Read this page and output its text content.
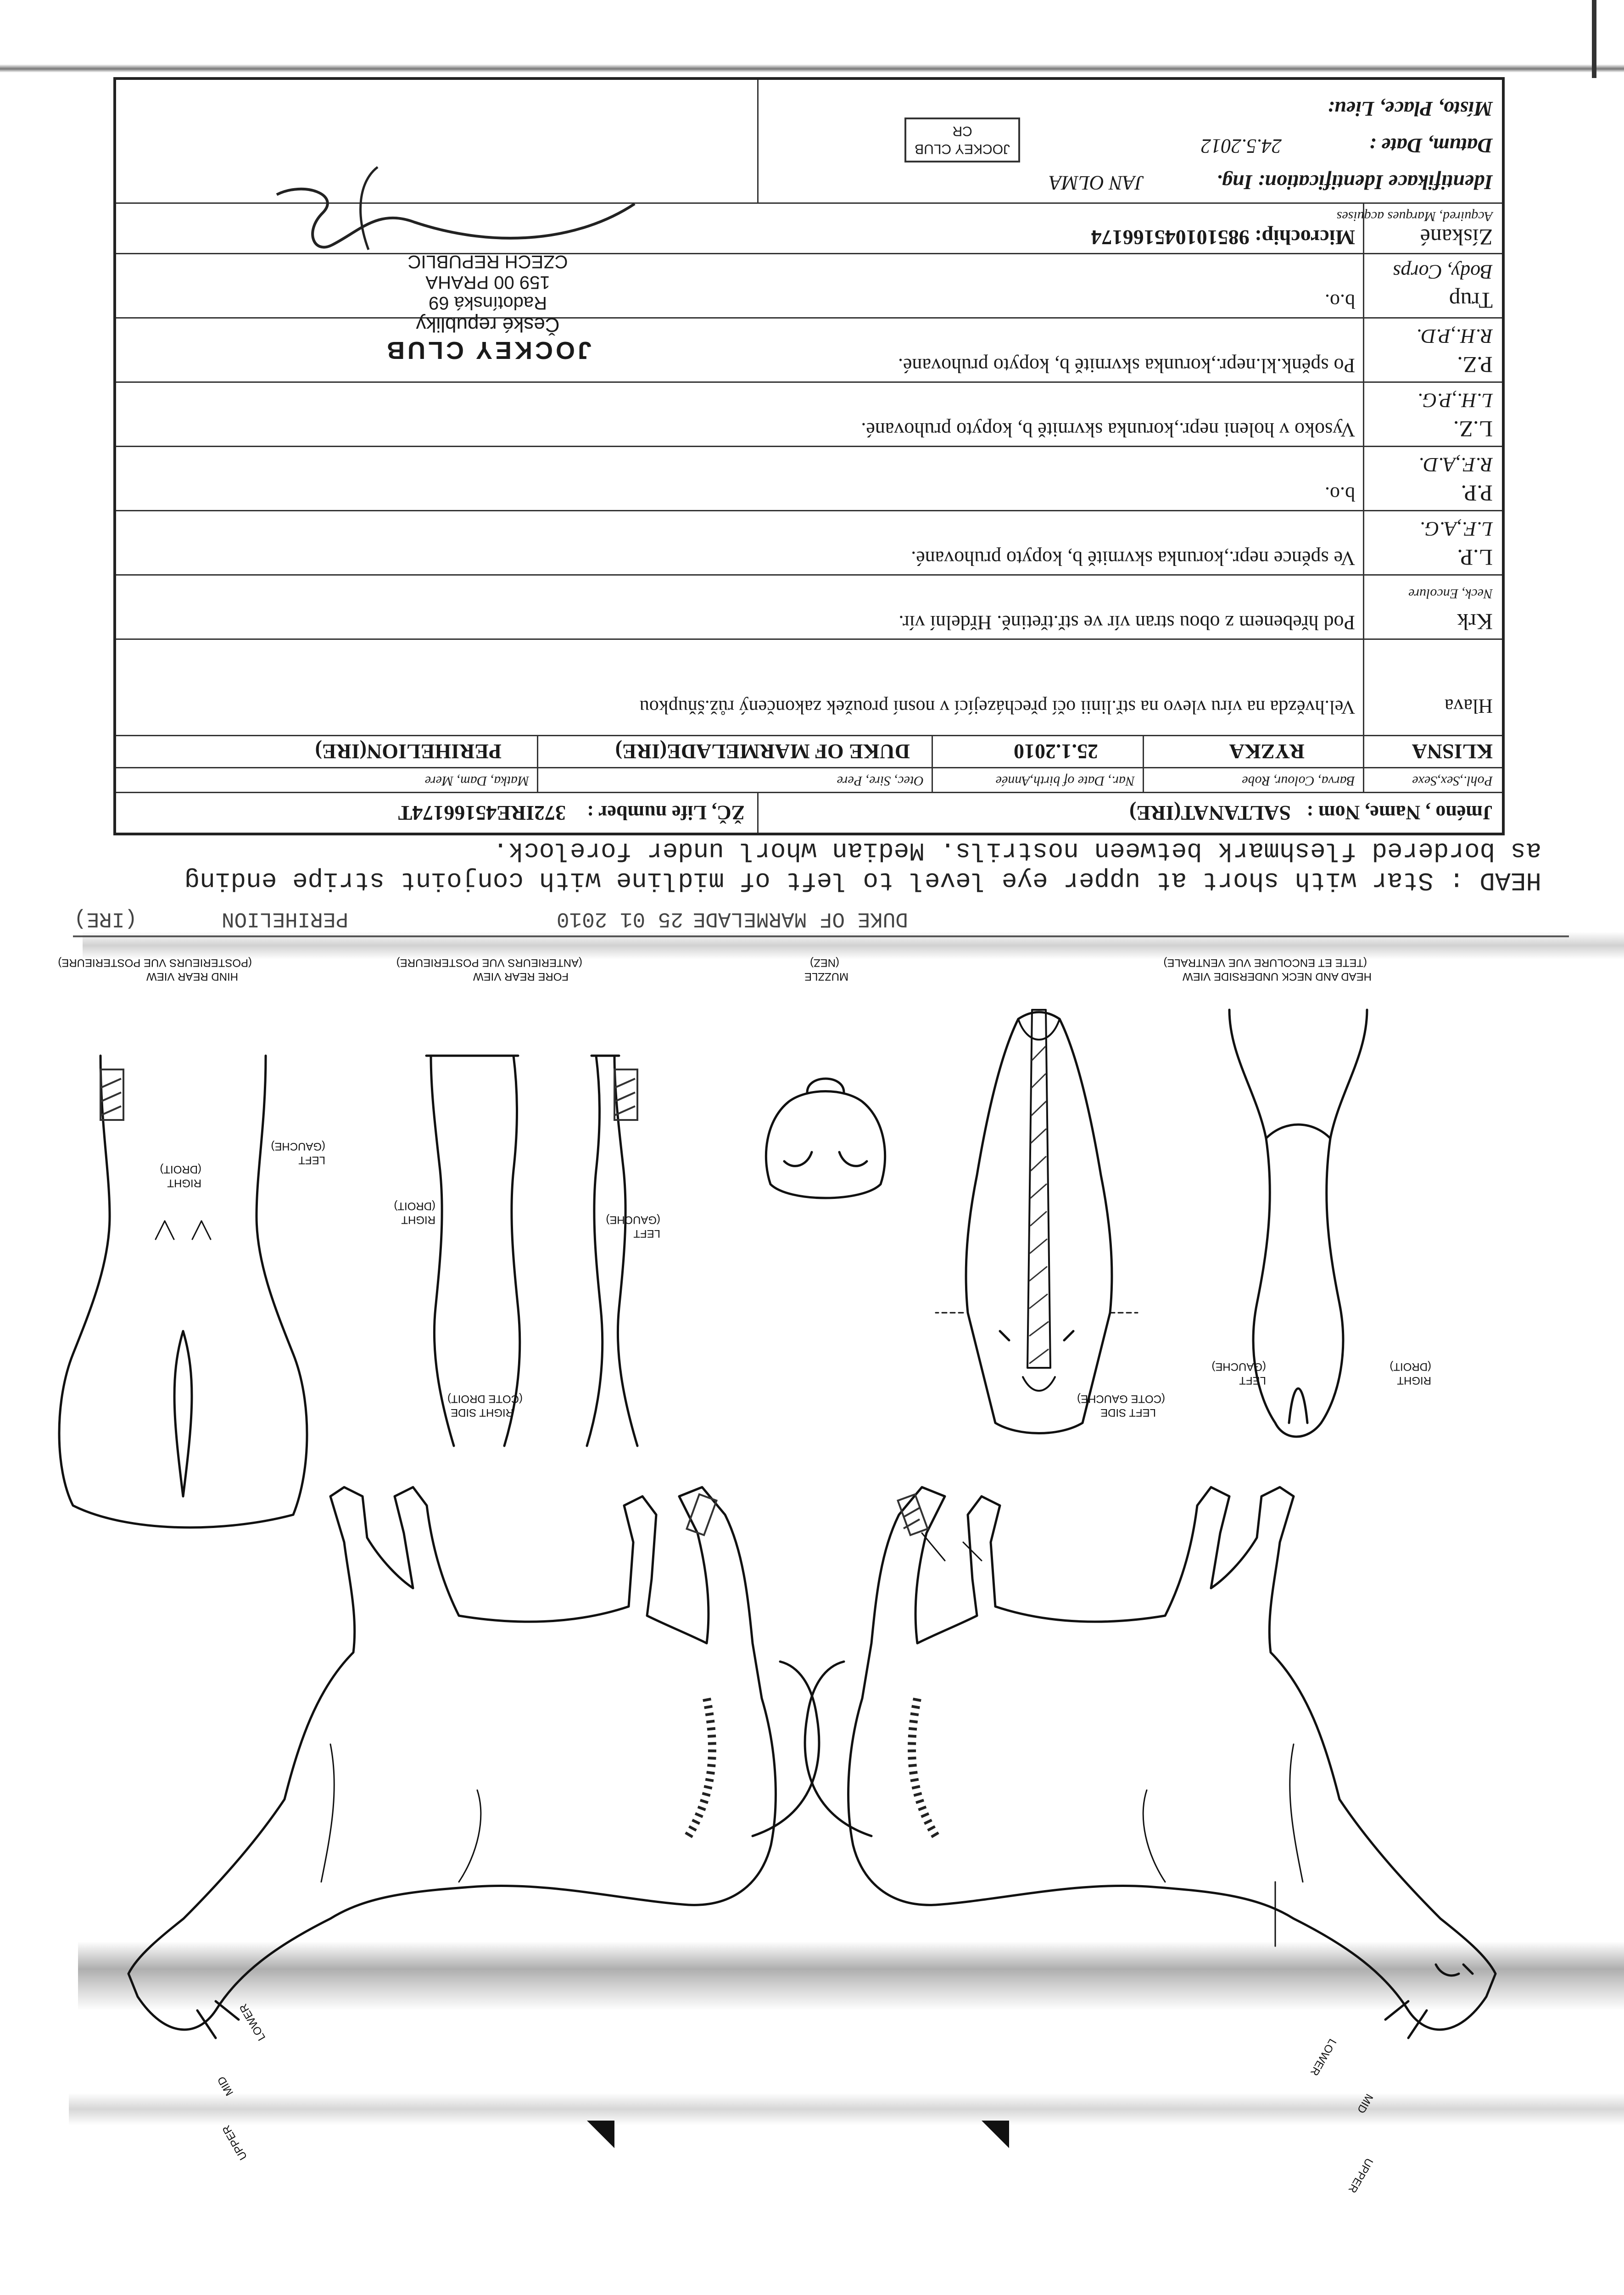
HEAD AND NECK UNDERSIDE VIEW
(TETE ET ENCOLURE VUE VENTRALE)
MUZZLE
(NEZ)
FORE REAR VIEW
(ANTERIEURS VUE POSTERIEURE)
HIND REAR VIEW
(POSTERIEURS VUE POSTERIEURE)
LEFT SIDE
(COTE GAUCHE)
RIGHT SIDE
(COTE DROIT)
RIGHT
(DROIT)
LEFT
(GAUCHE)
RIGHT
(DROIT)
LEFT
(GAUCHE)
RIGHT
(DROIT)
LEFT
(GAUCHE)
UPPER
MID
LOWER
UPPER
MID
LOWER
PERIHELION	DUKE OF MARMELADE
25 01 2010
(IRE)
HEAD : Star with short at upper eye level to left of midline with conjoint stripe ending
as bordered fleshmark between nostrils. Median whorl under forelock.
Jméno , Name, Nom :
SALTANAT(IRE)
ŽČ, Life number :
372IRE45166174T
Pohl.,Sex,Sexe
Barva, Colour, Robe
Nar., Date of birth,Année
Otec, Sire, Pere
Matka, Dam, Mere
KLISNA
RYZKA
25.1.2010
DUKE OF MARMELADE(IRE)
PERIHELION(IRE)
Hlava
Vel.hvězda na víru vlevo na stř.linii očí přecházející v nosní proužek zakončený růž.šňupkou
Krk
Neck, Encolure
Pod hřebenem z obou stran vír ve stř.třetině. Hřdelní vír.
L.P.
L.F.,A.G.
Ve spěnce nepr.,korunka skvrnitě b, kopyto pruhované.
P.P.
R.F.,A.D.
b.o.
L.Z.
L.H.,P.G.
Vysoko v holeni nepr.,korunka skvrnitě b, kopyto pruhované.
P.Z.
R.H.,P.D.
Po spěnk.kl.nepr.,korunka skvrnitě b, kopyto pruhované.
Trup
Body, Corps
b.o.
Získané
Microchip: 985101045166174
Acquired, Marques acquises
Identifikace Identification: Ing.
JAN OLMA
Datum, Date :
24.5.2012
Místo, Place, Lieu:
JOCKEY CLUB
CR
JOCKEY CLUB
České republiky
Radotínská 69
159 00 PRAHA
CZECH REPUBLIC
